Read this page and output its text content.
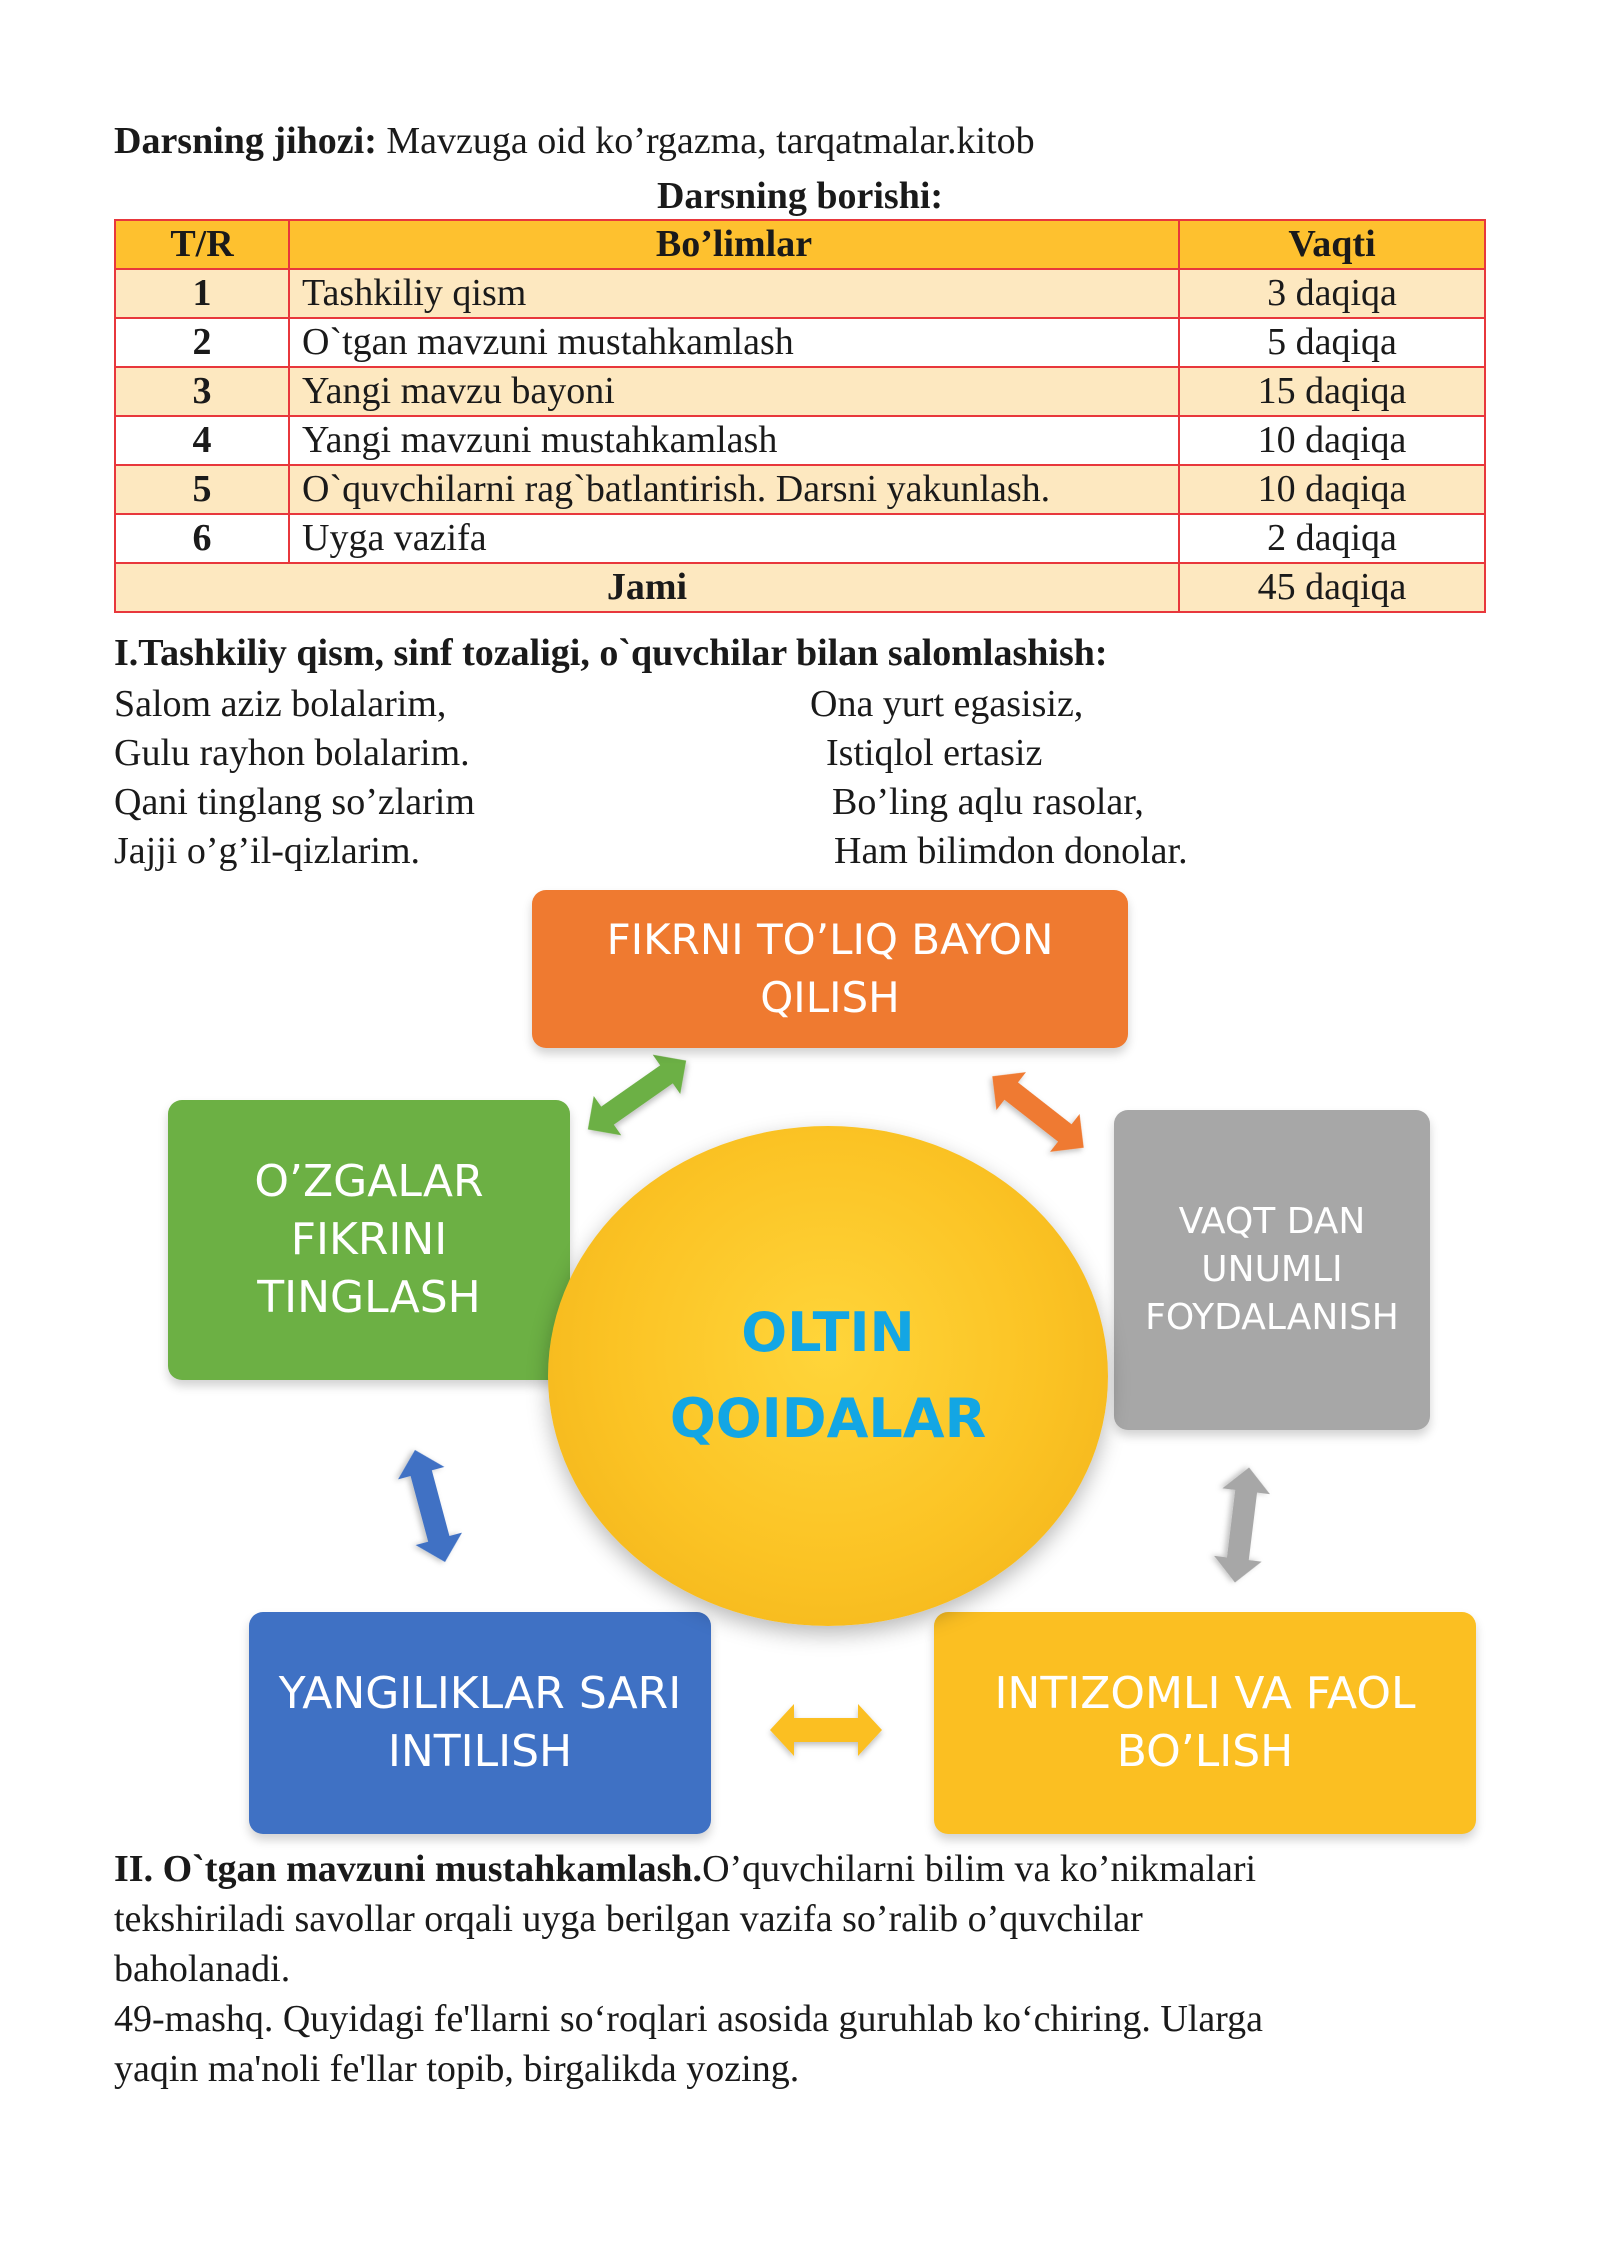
Darsning jihozi: Mavzuga oid ko’rgazma, tarqatmalar.kitob
Darsning borishi:
T/R	Bo’limlar	Vaqti
1	Tashkiliy qism	3 daqiqa
2	O`tgan mavzuni mustahkamlash	5 daqiqa
3	Yangi mavzu bayoni	15 daqiqa
4	Yangi mavzuni mustahkamlash	10 daqiqa
5	O`quvchilarni rag`batlantirish. Darsni yakunlash.	10 daqiqa
6	Uyga vazifa	2 daqiqa
Jami		45 daqiqa
I.Tashkiliy qism, sinf tozaligi, o`quvchilar bilan salomlashish:
Salom aziz bolalarim,
Gulu rayhon bolalarim.
Qani tinglang so’zlarim
Jajji o’g’il-qizlarim.
Ona yurt egasisiz,
Istiqlol ertasiz
Bo’ling aqlu rasolar,
Ham bilimdon donolar.
FIKRNI TO’LIQ BAYON
QILISH
O’ZGALAR
FIKRINI
TINGLASH
VAQT DAN
UNUMLI
FOYDALANISH
YANGILIKLAR SARI
INTILISH
INTIZOMLI VA FAOL
BO’LISH
OLTIN
QOIDALAR
II. O`tgan mavzuni mustahkamlash.O’quvchilarni bilim va ko’nikmalari
tekshiriladi savollar orqali uyga berilgan vazifa so’ralib o’quvchilar
baholanadi.
49-mashq. Quyidagi fe'llarni so‘roqlari asosida guruhlab ko‘chiring. Ularga
yaqin ma'noli fe'llar topib, birgalikda yozing.
